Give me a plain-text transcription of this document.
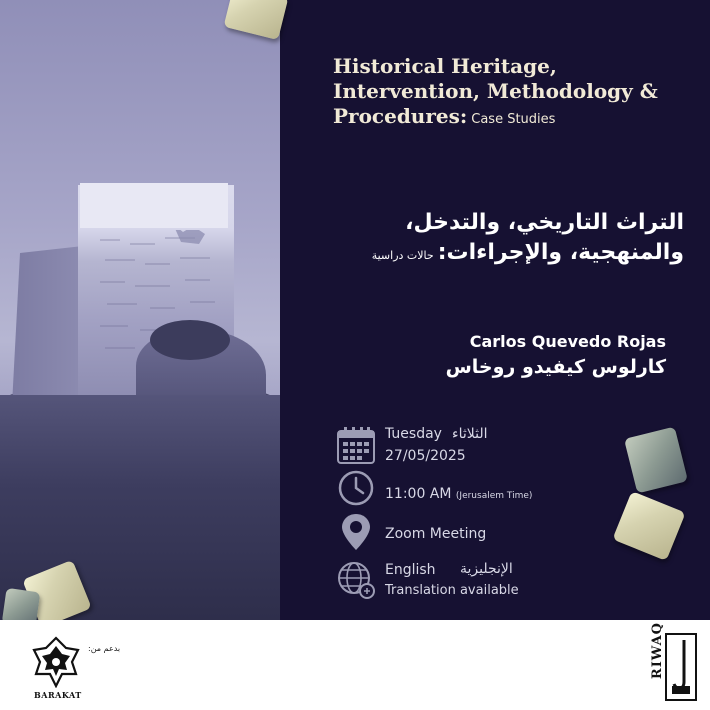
Historical Heritage,
Intervention, Methodology &
Procedures: Case Studies
التراث التاريخي، والتدخل،
والمنهجية، والإجراءات:حالات دراسية
Carlos Quevedo Rojas
كارلوس كيفيدو روخاس
Tuesday الثلاثاء
27/05/2025
11:00 AM (Jerusalem Time)
Zoom Meeting
English الإنجليزية
Translation available
بدعم من:
BARAKAT
RIWAQ
